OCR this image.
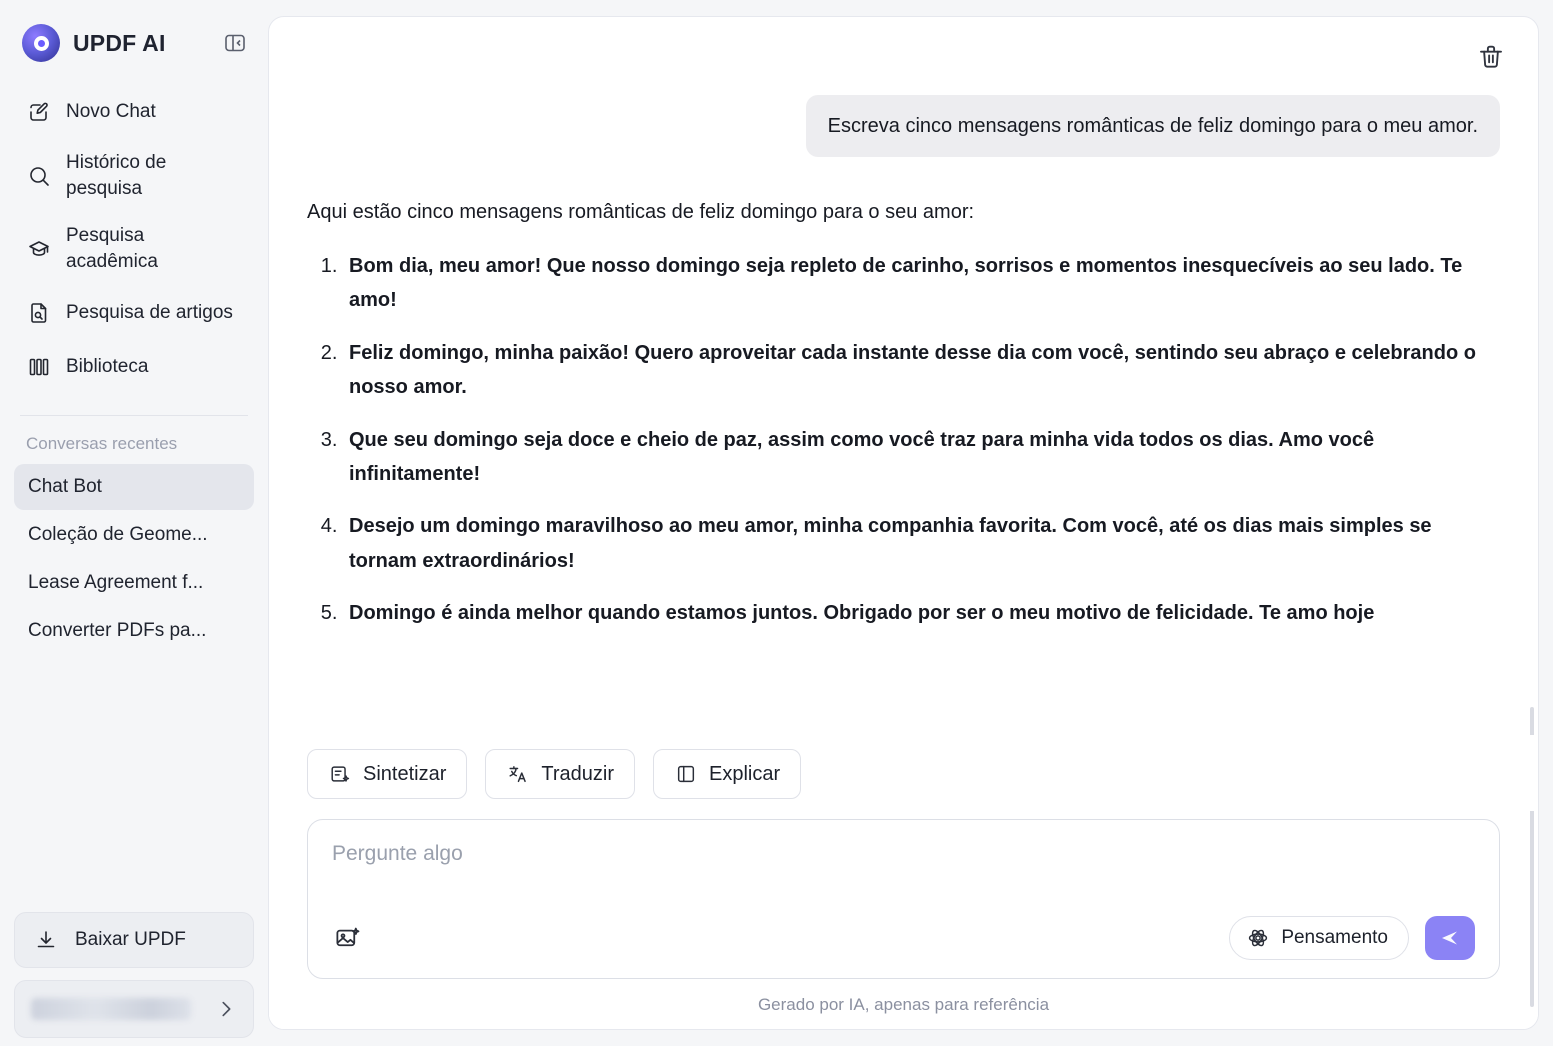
UPDF AI
Novo Chat
Histórico de pesquisa
Pesquisa acadêmica
Pesquisa de artigos
Biblioteca
Conversas recentes
Chat Bot
Coleção de Geome...
Lease Agreement f...
Converter PDFs pa...
Baixar UPDF
Escreva cinco mensagens românticas de feliz domingo para o meu amor.

Aqui estão cinco mensagens românticas de feliz domingo para o seu amor:

1. Bom dia, meu amor! Que nosso domingo seja repleto de carinho, sorrisos e momentos inesquecíveis ao seu lado. Te amo!
2. Feliz domingo, minha paixão! Quero aproveitar cada instante desse dia com você, sentindo seu abraço e celebrando o nosso amor.
3. Que seu domingo seja doce e cheio de paz, assim como você traz para minha vida todos os dias. Amo você infinitamente!
4. Desejo um domingo maravilhoso ao meu amor, minha companhia favorita. Com você, até os dias mais simples se tornam extraordinários!
5. Domingo é ainda melhor quando estamos juntos. Obrigado por ser o meu motivo de felicidade. Te amo hoje
Sintetizar	Traduzir	Explicar
Pergunte algo
Pensamento
Gerado por IA, apenas para referência
